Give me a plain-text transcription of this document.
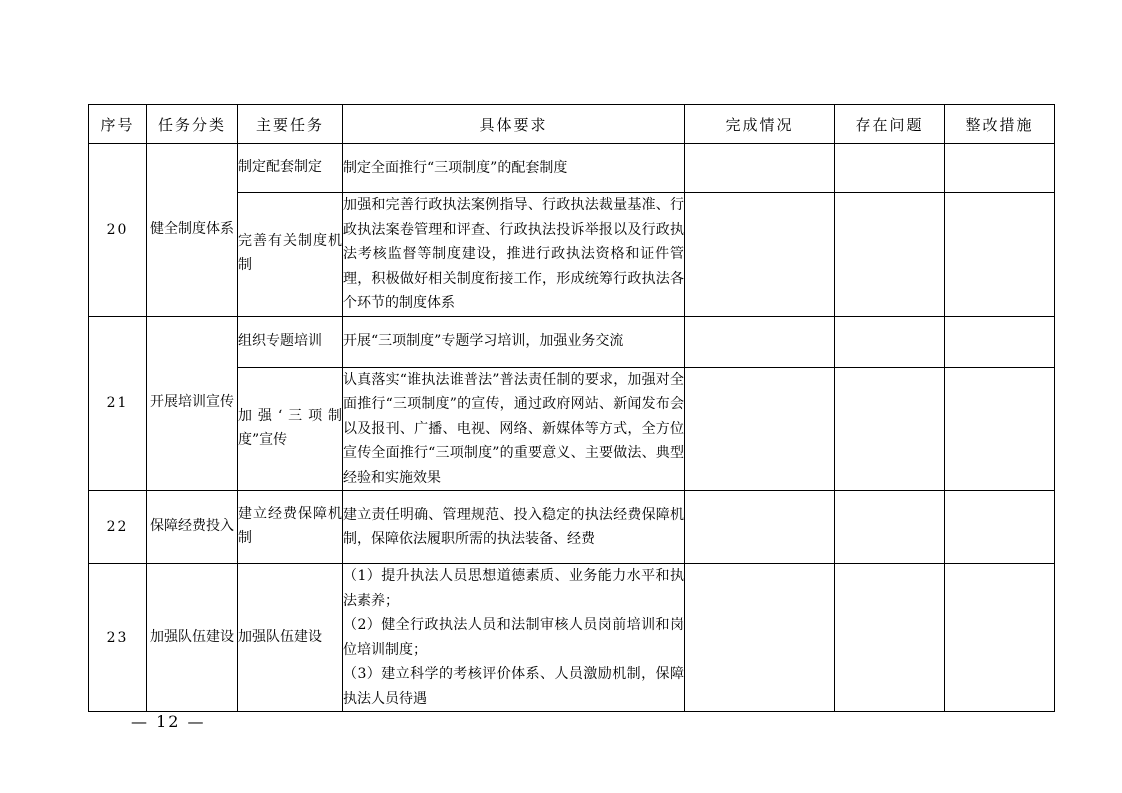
序号	任务分类	主要任务	具体要求	完成情况	存在问题	整改措施
20	健全制度体系	制定配套制定	制定全面推行“三项制度”的配套制度			
		完善有关制度机制	加强和完善行政执法案例指导、行政执法裁量基准、行政执法案卷管理和评查、行政执法投诉举报以及行政执法考核监督等制度建设，推进行政执法资格和证件管理，积极做好相关制度衔接工作，形成统筹行政执法各个环节的制度体系			
21	开展培训宣传	组织专题培训	开展“三项制度”专题学习培训，加强业务交流			
		加强‘三项制度”宣传	认真落实“谁执法谁普法”普法责任制的要求，加强对全面推行“三项制度”的宣传，通过政府网站、新闻发布会以及报刊、广播、电视、网络、新媒体等方式，全方位宣传全面推行“三项制度”的重要意义、主要做法、典型经验和实施效果			
22	保障经费投入	建立经费保障机制	建立责任明确、管理规范、投入稳定的执法经费保障机制，保障依法履职所需的执法装备、经费			
23	加强队伍建设	加强队伍建设	（1）提升执法人员思想道德素质、业务能力水平和执法素养；

（2）健全行政执法人员和法制审核人员岗前培训和岗位培训制度；

（3）建立科学的考核评价体系、人员激励机制，保障执法人员待遇			

— 12 —
